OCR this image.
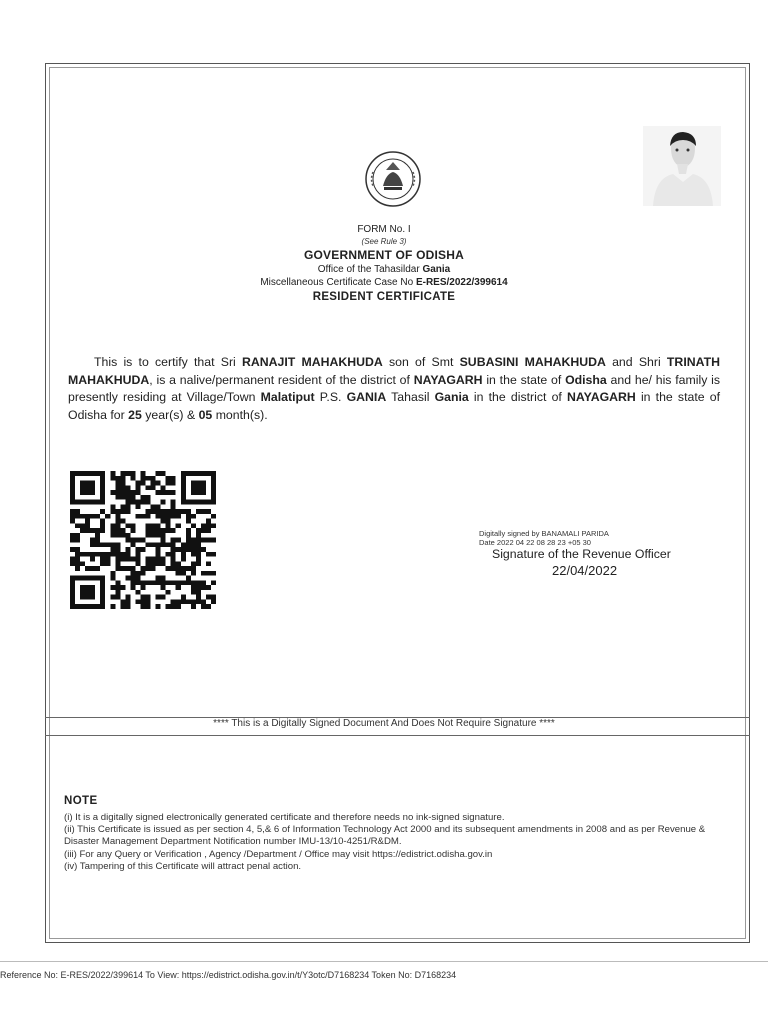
FORM No. I
(See Rule 3)
GOVERNMENT OF ODISHA
Office of the Tahasildar Gania
Miscellaneous Certificate Case No E-RES/2022/399614
RESIDENT CERTIFICATE

This is to certify that Sri RANAJIT MAHAKHUDA son of Smt SUBASINI MAHAKHUDA and Shri TRINATH MAHAKHUDA, is a nalive/permanent resident of the district of NAYAGARH in the state of Odisha and he/ his family is presently residing at Village/Town Malatiput P.S. GANIA Tahasil Gania in the district of NAYAGARH in the state of Odisha for 25 year(s) & 05 month(s).

Digitally signed by BANAMALI PARIDA
Date 2022 04 22 08 28 23 +05 30
Signature of the Revenue Officer
22/04/2022
**** This is a Digitally Signed Document And Does Not Require Signature ****
NOTE
(i) It is a digitally signed electronically generated certificate and therefore needs no ink-signed signature.
(ii) This Certificate is issued as per section 4, 5,& 6 of Information Technology Act 2000 and its subsequent amendments in 2008 and as per Revenue & Disaster Management Department Notification number IMU-13/10-4251/R&DM.
(iii) For any Query or Verification , Agency /Department / Office may visit https://edistrict.odisha.gov.in
(iv) Tampering of this Certificate will attract penal action.
Reference No: E-RES/2022/399614 To View: https://edistrict.odisha.gov.in/t/Y3otc/D7168234 Token No: D7168234
